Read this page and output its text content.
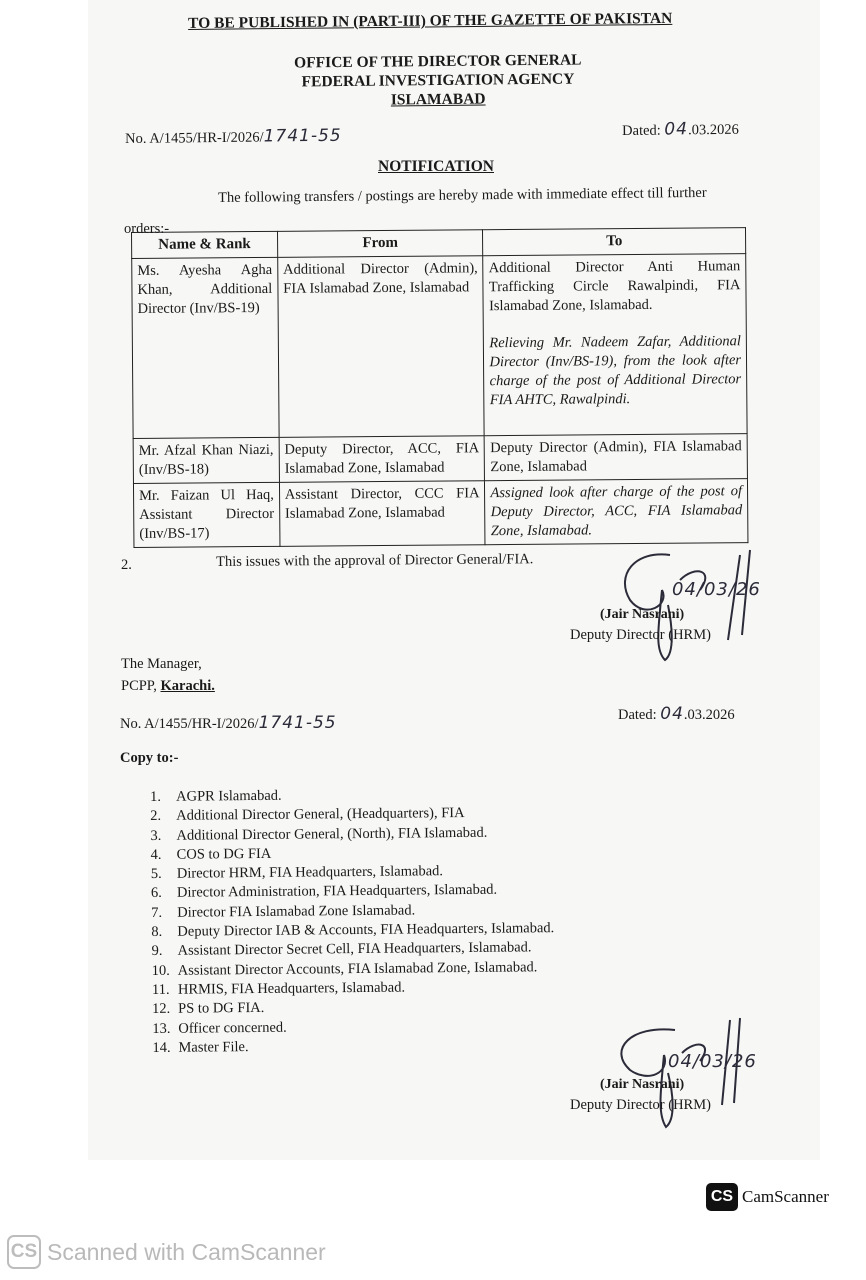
TO BE PUBLISHED IN (PART-III) OF THE GAZETTE OF PAKISTAN
OFFICE OF THE DIRECTOR GENERAL
FEDERAL INVESTIGATION AGENCY
ISLAMABAD
No. A/1455/HR-I/2026/1741-55	Dated: 04.03.2026
NOTIFICATION
The following transfers / postings are hereby made with immediate effect till further
orders:-
Name & Rank	From	To
Ms. Ayesha Agha Khan, Additional Director (Inv/BS-19)	Additional Director (Admin), FIA Islamabad Zone, Islamabad	Additional Director Anti Human Trafficking Circle Rawalpindi, FIA Islamabad Zone, Islamabad.
Relieving Mr. Nadeem Zafar, Additional Director (Inv/BS-19), from the look after charge of the post of Additional Director FIA AHTC, Rawalpindi.

Mr. Afzal Khan Niazi, (Inv/BS-18)	Deputy Director, ACC, FIA Islamabad Zone, Islamabad	Deputy Director (Admin), FIA Islamabad Zone, Islamabad
Mr. Faizan Ul Haq, Assistant Director (Inv/BS-17)	Assistant Director, CCC FIA Islamabad Zone, Islamabad	Assigned look after charge of the post of Deputy Director, ACC, FIA Islamabad Zone, Islamabad.
2.	This issues with the approval of Director General/FIA.
04/03/26
(Jair Nasrani)
Deputy Director (HRM)
The Manager,
PCPP, Karachi.
No. A/1455/HR-I/2026/1741-55	Dated: 04.03.2026
Copy to:-
1. AGPR Islamabad.
2. Additional Director General, (Headquarters), FIA
3. Additional Director General, (North), FIA Islamabad.
4. COS to DG FIA
5. Director HRM, FIA Headquarters, Islamabad.
6. Director Administration, FIA Headquarters, Islamabad.
7. Director FIA Islamabad Zone Islamabad.
8. Deputy Director IAB & Accounts, FIA Headquarters, Islamabad.
9. Assistant Director Secret Cell, FIA Headquarters, Islamabad.
10. Assistant Director Accounts, FIA Islamabad Zone, Islamabad.
11. HRMIS, FIA Headquarters, Islamabad.
12. PS to DG FIA.
13. Officer concerned.
14. Master File.
04/03/26
(Jair Nasrani)
Deputy Director (HRM)
CS CamScanner
CS Scanned with CamScanner
